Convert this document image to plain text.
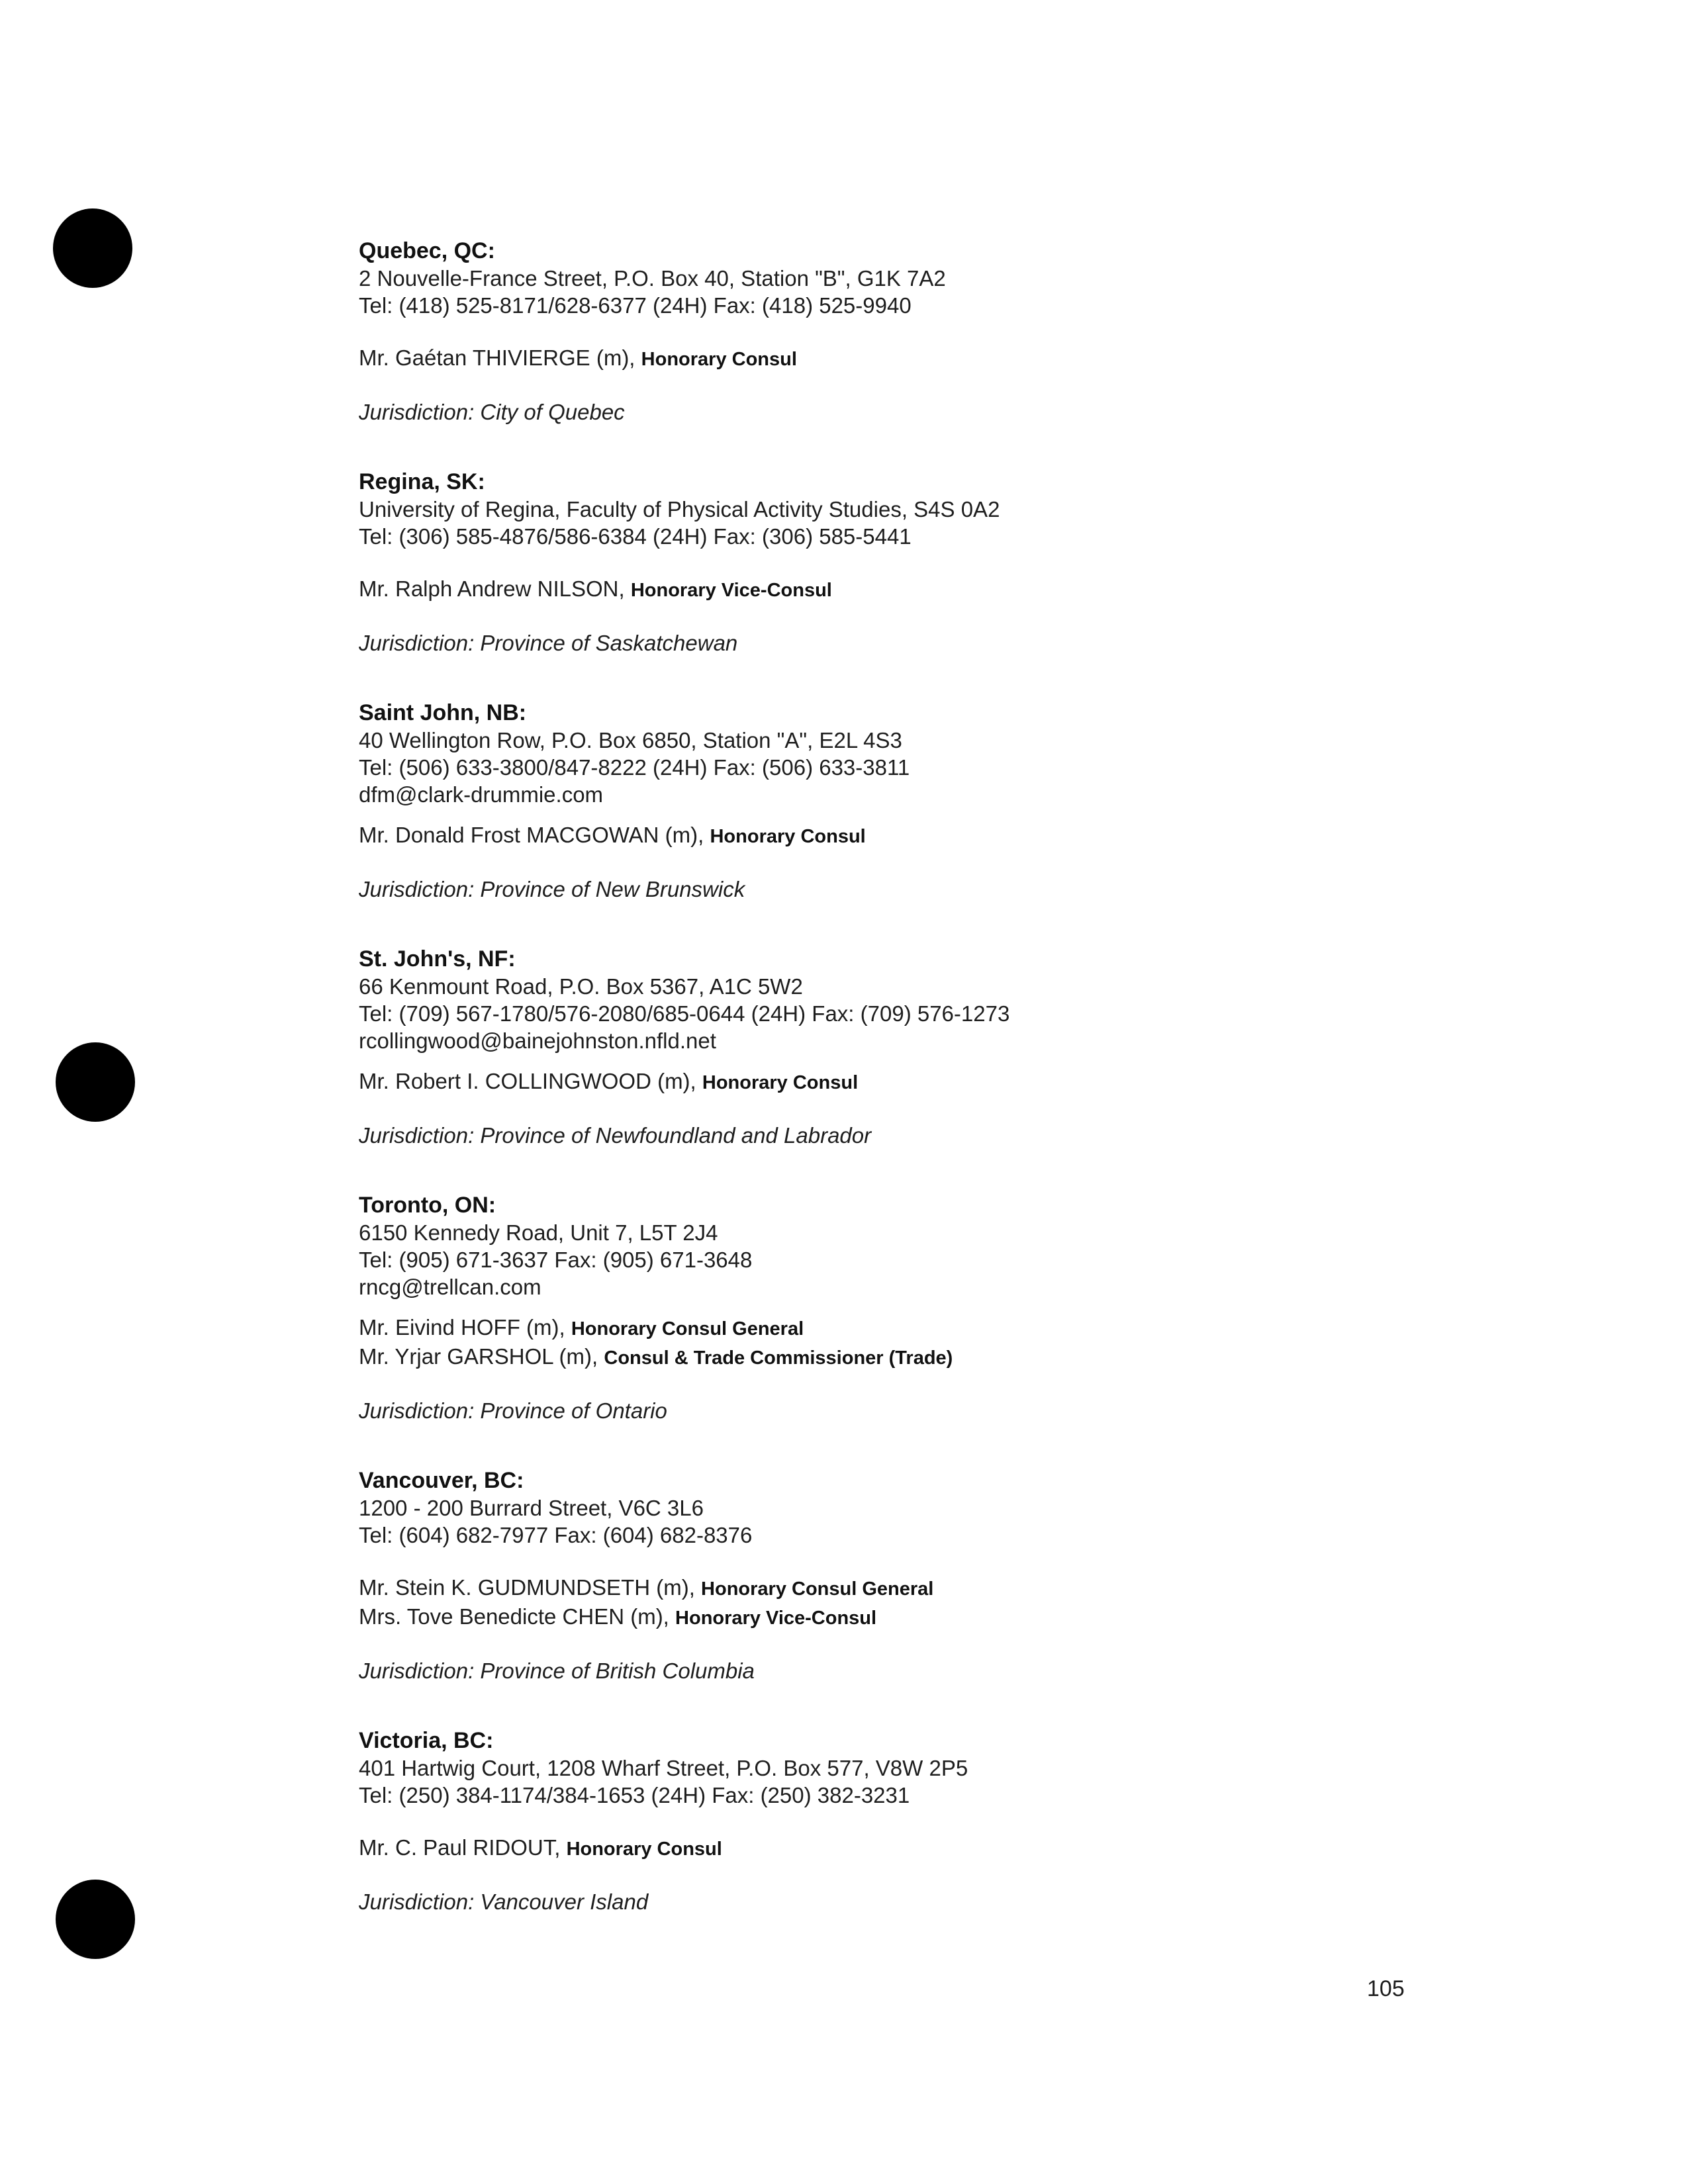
Quebec, QC:
2 Nouvelle-France Street, P.O. Box 40, Station "B", G1K 7A2
Tel: (418) 525-8171/628-6377 (24H) Fax: (418) 525-9940
Mr. Gaétan THIVIERGE (m), Honorary Consul
Jurisdiction: City of Quebec
Regina, SK:
University of Regina, Faculty of Physical Activity Studies, S4S 0A2
Tel: (306) 585-4876/586-6384 (24H) Fax: (306) 585-5441
Mr. Ralph Andrew NILSON, Honorary Vice-Consul
Jurisdiction: Province of Saskatchewan
Saint John, NB:
40 Wellington Row, P.O. Box 6850, Station "A", E2L 4S3
Tel: (506) 633-3800/847-8222 (24H) Fax: (506) 633-3811
dfm@clark-drummie.com
Mr. Donald Frost MACGOWAN (m), Honorary Consul
Jurisdiction: Province of New Brunswick
St. John's, NF:
66 Kenmount Road, P.O. Box 5367, A1C 5W2
Tel: (709) 567-1780/576-2080/685-0644 (24H) Fax: (709) 576-1273
rcollingwood@bainejohnston.nfld.net
Mr. Robert I. COLLINGWOOD (m), Honorary Consul
Jurisdiction: Province of Newfoundland and Labrador
Toronto, ON:
6150 Kennedy Road, Unit 7, L5T 2J4
Tel: (905) 671-3637 Fax: (905) 671-3648
rncg@trellcan.com
Mr. Eivind HOFF (m), Honorary Consul General
Mr. Yrjar GARSHOL (m), Consul & Trade Commissioner (Trade)
Jurisdiction: Province of Ontario
Vancouver, BC:
1200 - 200 Burrard Street, V6C 3L6
Tel: (604) 682-7977 Fax: (604) 682-8376
Mr. Stein K. GUDMUNDSETH (m), Honorary Consul General
Mrs. Tove Benedicte CHEN (m), Honorary Vice-Consul
Jurisdiction: Province of British Columbia
Victoria, BC:
401 Hartwig Court, 1208 Wharf Street, P.O. Box 577, V8W 2P5
Tel: (250) 384-1174/384-1653 (24H) Fax: (250) 382-3231
Mr. C. Paul RIDOUT, Honorary Consul
Jurisdiction: Vancouver Island
105
